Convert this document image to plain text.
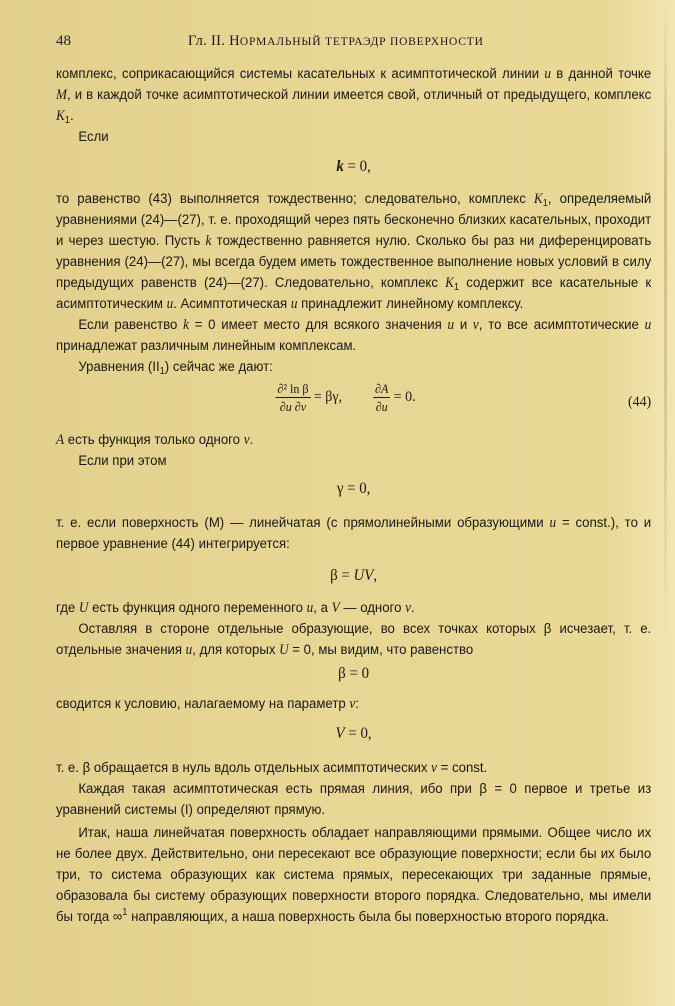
48	Гл. II. НОРМАЛЬНЫЙ ТЕТРАЭДР ПОВЕРХНОСТИ

комплекс, соприкасающийся системы касательных к асимптотической линии u в данной точке M, и в каждой точке асимптотической линии имеется свой, отличный от предыдущего, комплекс $K_1$.

Если

k = 0,

то равенство (43) выполняется тождественно; следовательно, комплекс $K_1$, определяемый уравнениями (24)—(27), т. е. проходящий через пять бесконечно близких касательных, проходит и через шестую. Пусть k тождественно равняется нулю. Сколько бы раз ни диференцировать уравнения (24)—(27), мы всегда будем иметь тождественное выполнение новых условий в силу предыдущих равенств (24)—(27). Следовательно, комплекс $K_1$ содержит все касательные к асимптотическим u. Асимптотическая u принадлежит линейному комплексу.

Если равенство k = 0 имеет место для всякого значения u и v, то все асимптотические u принадлежат различным линейным комплексам.

Уравнения $(II_1)$ сейчас же дают:

$\frac{\text{∂² ln β}}{\partial u \partial v} = \beta\gamma$, $\frac{\partial A}{\partial u} = 0$.	(44)

A есть функция только одного v.

Если при этом

γ = 0,

т. е. если поверхность (M) — линейчатая (с прямолинейными образующими u = const.), то и первое уравнение (44) интегрируется:

β = UV,

где U есть функция одного переменного u, а V — одного v.

Оставляя в стороне отдельные образующие, во всех точках которых β исчезает, т. е. отдельные значения u, для которых U = 0, мы видим, что равенство

β = 0

сводится к условию, налагаемому на параметр v:

V = 0,

т. е. β обращается в нуль вдоль отдельных асимптотических v = const.

Каждая такая асимптотическая есть прямая линия, ибо при β = 0 первое и третье из уравнений системы (I) определяют прямую.

Итак, наша линейчатая поверхность обладает направляющими прямыми. Общее число их не более двух. Действительно, они пересекают все образующие поверхности; если бы их было три, то система образующих как система прямых, пересекающих три заданные прямые, образовала бы систему образующих поверхности второго порядка. Следовательно, мы имели бы тогда ∞$^1$ направляющих, а наша поверхность была бы поверхностью второго порядка.
